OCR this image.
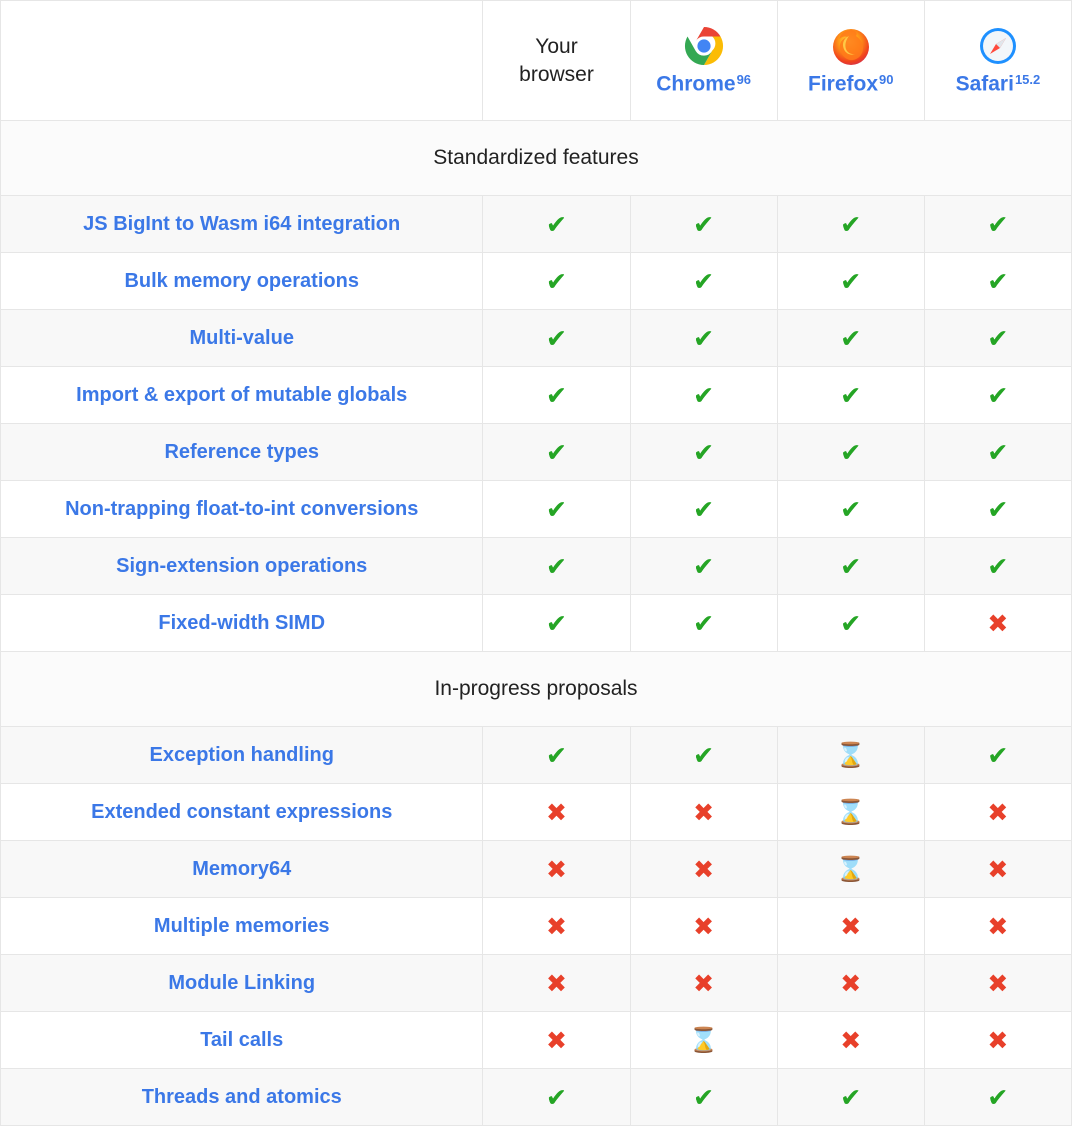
	Your
browser	Chrome$^{96}$	Firefox$^{90}$	Safari$^{15.2}$
Standardized features				
JS BigInt to Wasm i64 integration	✔	✔	✔	✔
Bulk memory operations	✔	✔	✔	✔
Multi-value	✔	✔	✔	✔
Import & export of mutable globals	✔	✔	✔	✔
Reference types	✔	✔	✔	✔
Non-trapping float-to-int conversions	✔	✔	✔	✔
Sign-extension operations	✔	✔	✔	✔
Fixed-width SIMD	✔	✔	✔	✖
In-progress proposals				
Exception handling	✔	✔	⌛	✔
Extended constant expressions	✖	✖	⌛	✖
Memory64	✖	✖	⌛	✖
Multiple memories	✖	✖	✖	✖
Module Linking	✖	✖	✖	✖
Tail calls	✖	⌛	✖	✖
Threads and atomics	✔	✔	✔	✔
